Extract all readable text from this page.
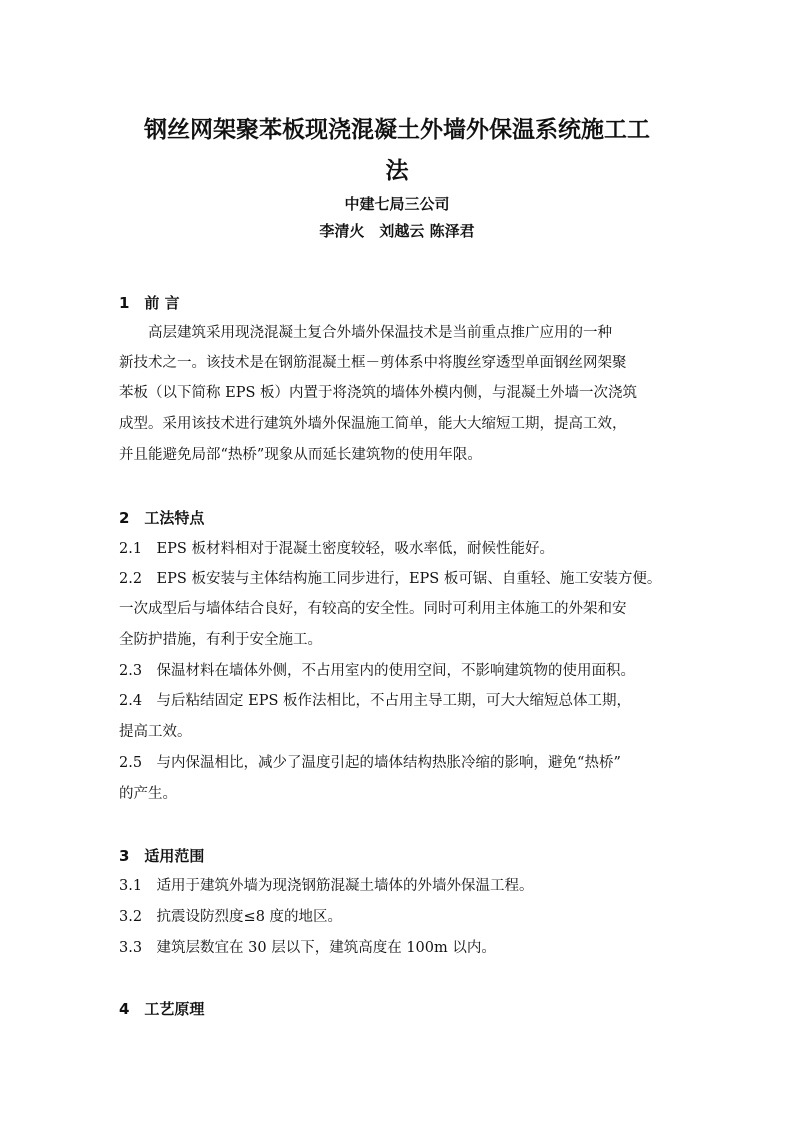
钢丝网架聚苯板现浇混凝土外墙外保温系统施工工
法

中建七局三公司

李清火　刘越云 陈泽君

1　前 言

高层建筑采用现浇混凝土复合外墙外保温技术是当前重点推广应用的一种

新技术之一。该技术是在钢筋混凝土框－剪体系中将腹丝穿透型单面钢丝网架聚

苯板（以下简称 EPS 板）内置于将浇筑的墙体外模内侧，与混凝土外墙一次浇筑

成型。采用该技术进行建筑外墙外保温施工简单，能大大缩短工期，提高工效，

并且能避免局部“热桥”现象从而延长建筑物的使用年限。

2　工法特点

2.1　EPS 板材料相对于混凝土密度较轻，吸水率低，耐候性能好。

2.2　EPS 板安装与主体结构施工同步进行，EPS 板可锯、自重轻、施工安装方便。

一次成型后与墙体结合良好，有较高的安全性。同时可利用主体施工的外架和安

全防护措施，有利于安全施工。

2.3　保温材料在墙体外侧，不占用室内的使用空间，不影响建筑物的使用面积。

2.4　与后粘结固定 EPS 板作法相比，不占用主导工期，可大大缩短总体工期，

提高工效。

2.5　与内保温相比，减少了温度引起的墙体结构热胀冷缩的影响，避免“热桥”

的产生。

3　适用范围

3.1　适用于建筑外墙为现浇钢筋混凝土墙体的外墙外保温工程。

3.2　抗震设防烈度≤8 度的地区。

3.3　建筑层数宜在 30 层以下，建筑高度在 100m 以内。

4　工艺原理
